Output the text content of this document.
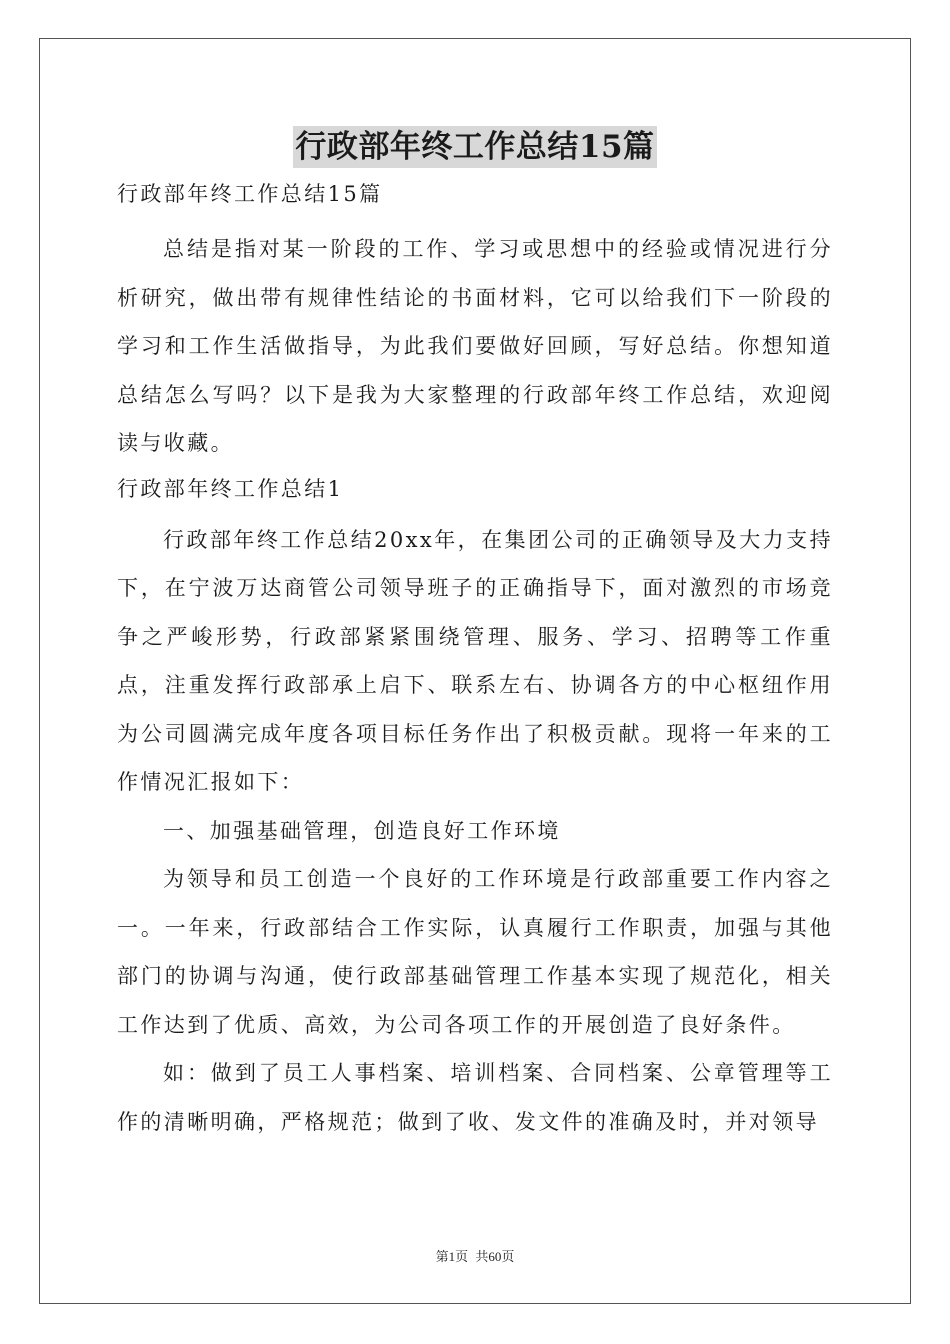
行政部年终工作总结15篇

行政部年终工作总结15篇

总结是指对某一阶段的工作、学习或思想中的经验或情况进行分析研究，做出带有规律性结论的书面材料，它可以给我们下一阶段的学习和工作生活做指导，为此我们要做好回顾，写好总结。你想知道总结怎么写吗？以下是我为大家整理的行政部年终工作总结，欢迎阅读与收藏。

行政部年终工作总结1

行政部年终工作总结20xx年，在集团公司的正确领导及大力支持下，在宁波万达商管公司领导班子的正确指导下，面对激烈的市场竞争之严峻形势，行政部紧紧围绕管理、服务、学习、招聘等工作重点，注重发挥行政部承上启下、联系左右、协调各方的中心枢纽作用为公司圆满完成年度各项目标任务作出了积极贡献。现将一年来的工作情况汇报如下：

一、加强基础管理，创造良好工作环境

为领导和员工创造一个良好的工作环境是行政部重要工作内容之一。一年来，行政部结合工作实际，认真履行工作职责，加强与其他部门的协调与沟通，使行政部基础管理工作基本实现了规范化，相关工作达到了优质、高效，为公司各项工作的开展创造了良好条件。

如：做到了员工人事档案、培训档案、合同档案、公章管理等工作的清晰明确，严格规范；做到了收、发文件的准确及时，并对领导

第1页 共60页
